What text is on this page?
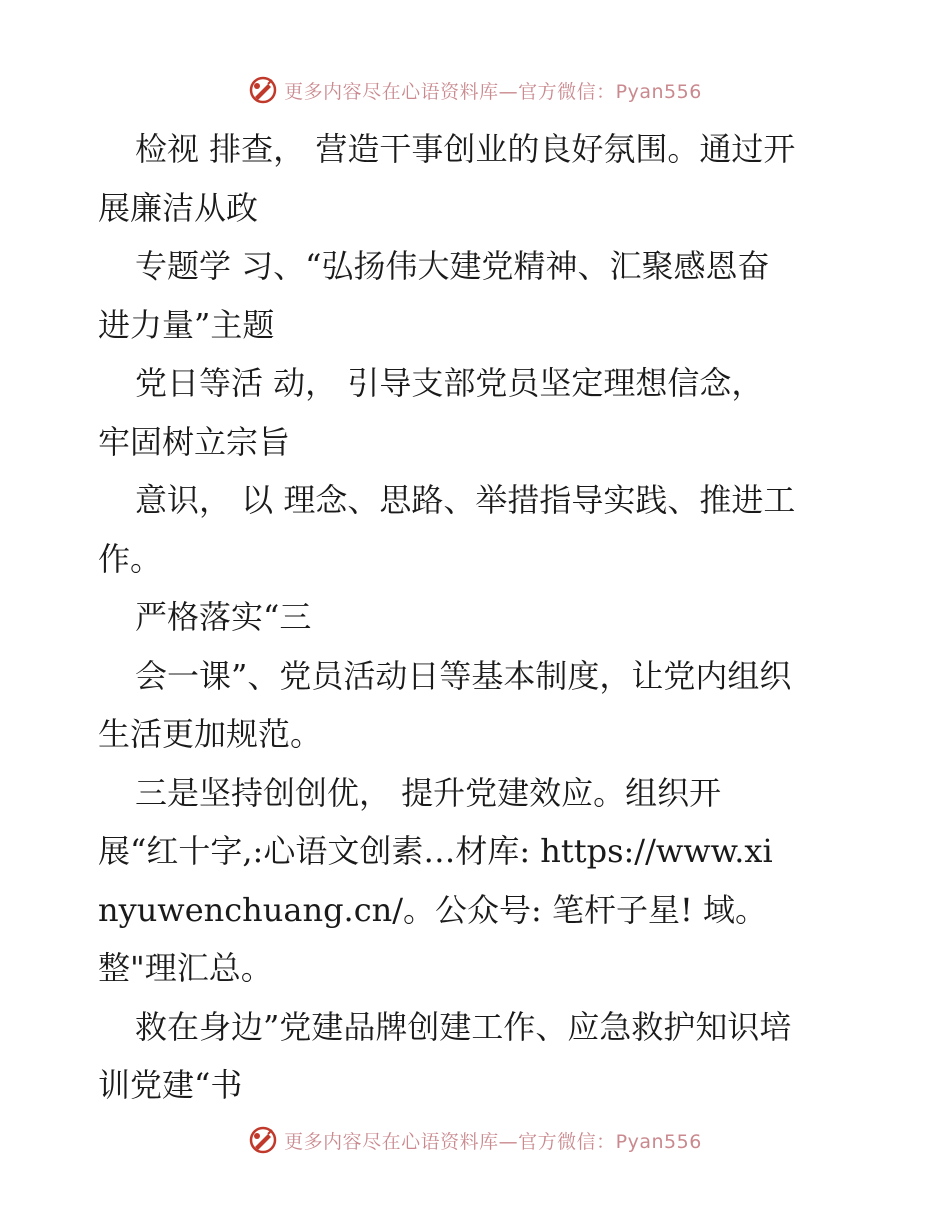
更多内容尽在心语资料库—官方微信：Pyan556
检视 排查， 营造干事创业的良好氛围。通过开
展廉洁从政
专题学 习、“弘扬伟大建党精神、汇聚感恩奋
进力量”主题
党日等活 动， 引导支部党员坚定理想信念，
牢固树立宗旨
意识， 以 理念、思路、举措指导实践、推进工
作。
严格落实“三
会一课”、党员活动日等基本制度，让党内组织
生活更加规范。
三是坚持创创优， 提升党建效应。组织开
展“红十字,:心语文创素…材库: https://www.xi
nyuwenchuang.cn/。公众号: 笔杆子星! 域。
整"理汇总。
救在身边”党建品牌创建工作、应急救护知识培
训党建“书
更多内容尽在心语资料库—官方微信：Pyan556
